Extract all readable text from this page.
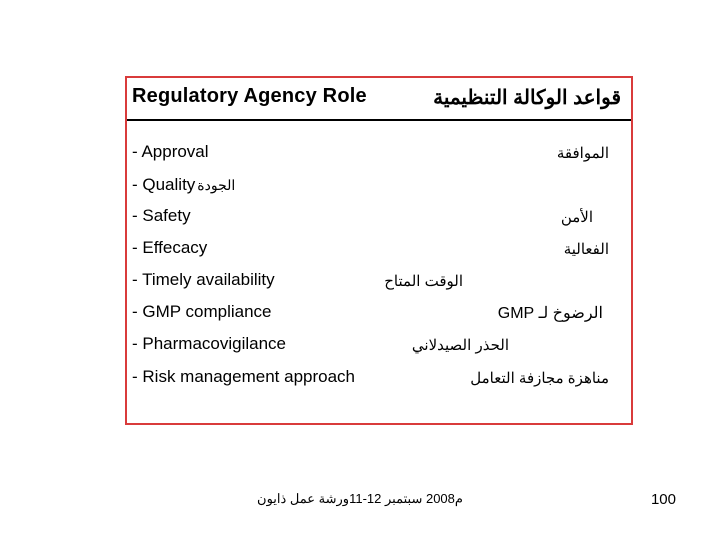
Regulatory Agency Role	قواعد الوكالة التنظيمية
- Approval	الموافقة
- Quality الجودة
- Safety	الأمن
- Effecacy	الفعالية
- Timely availability	الوقت المتاح
- GMP compliance	الرضوخ لـ GMP
- Pharmacovigilance	الحذر الصيدلاني
- Risk management approach	مناهزة مجازفة التعامل
م2008 سبتمبر 12-11ورشة عمل ذايون	100
